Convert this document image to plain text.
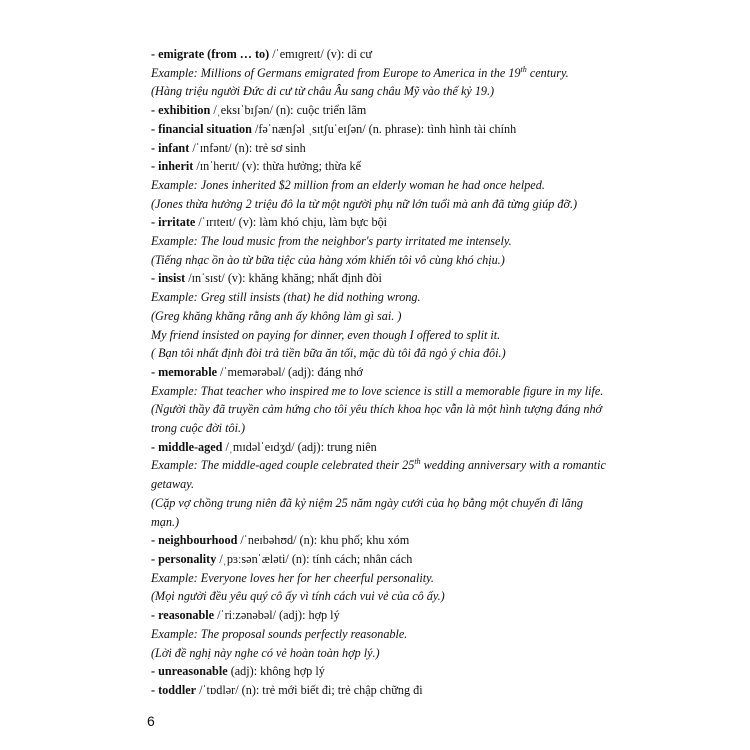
- emigrate (from … to) /ˈemɪɡreɪt/ (v): di cư
Example: Millions of Germans emigrated from Europe to America in the 19th century.
(Hàng triệu người Đức di cư từ châu Âu sang châu Mỹ vào thế kỷ 19.)
- exhibition /ˌeksɪˈbɪʃən/ (n): cuộc triển lãm
- financial situation /fəˈnænʃəl ˌsɪtʃuˈeɪʃən/ (n. phrase): tình hình tài chính
- infant /ˈɪnfənt/ (n): trẻ sơ sinh
- inherit /ɪnˈherɪt/ (v): thừa hưởng; thừa kế
Example: Jones inherited $2 million from an elderly woman he had once helped.
(Jones thừa hưởng 2 triệu đô la từ một người phụ nữ lớn tuổi mà anh đã từng giúp đỡ.)
- irritate /ˈɪrɪteɪt/ (v): làm khó chịu, làm bực bội
Example: The loud music from the neighbor's party irritated me intensely.
(Tiếng nhạc ồn ào từ bữa tiệc của hàng xóm khiến tôi vô cùng khó chịu.)
- insist /ɪnˈsɪst/ (v): khăng khăng; nhất định đòi
Example: Greg still insists (that) he did nothing wrong.
(Greg khăng khăng rằng anh ấy không làm gì sai. )
My friend insisted on paying for dinner, even though I offered to split it.
( Bạn tôi nhất định đòi trả tiền bữa ăn tối, mặc dù tôi đã ngỏ ý chia đôi.)
- memorable /ˈmemərəbəl/ (adj): đáng nhớ
Example: That teacher who inspired me to love science is still a memorable figure in my life.
(Người thầy đã truyền cảm hứng cho tôi yêu thích khoa học vẫn là một hình tượng đáng nhớ trong cuộc đời tôi.)
- middle-aged /ˌmɪdəlˈeɪdʒd/ (adj): trung niên
Example: The middle-aged couple celebrated their 25th wedding anniversary with a romantic getaway.
(Cặp vợ chồng trung niên đã kỷ niệm 25 năm ngày cưới của họ bằng một chuyến đi lãng mạn.)
- neighbourhood /ˈneɪbəhʊd/ (n): khu phố; khu xóm
- personality /ˌpɜːsənˈæləti/ (n): tính cách; nhân cách
Example: Everyone loves her for her cheerful personality.
(Mọi người đều yêu quý cô ấy vì tính cách vui vẻ của cô ấy.)
- reasonable /ˈriːzənəbəl/ (adj): hợp lý
Example: The proposal sounds perfectly reasonable.
(Lời đề nghị này nghe có vẻ hoàn toàn hợp lý.)
- unreasonable (adj): không hợp lý
- toddler /ˈtɒdlər/ (n): trẻ mới biết đi; trẻ chập chững đi
6
